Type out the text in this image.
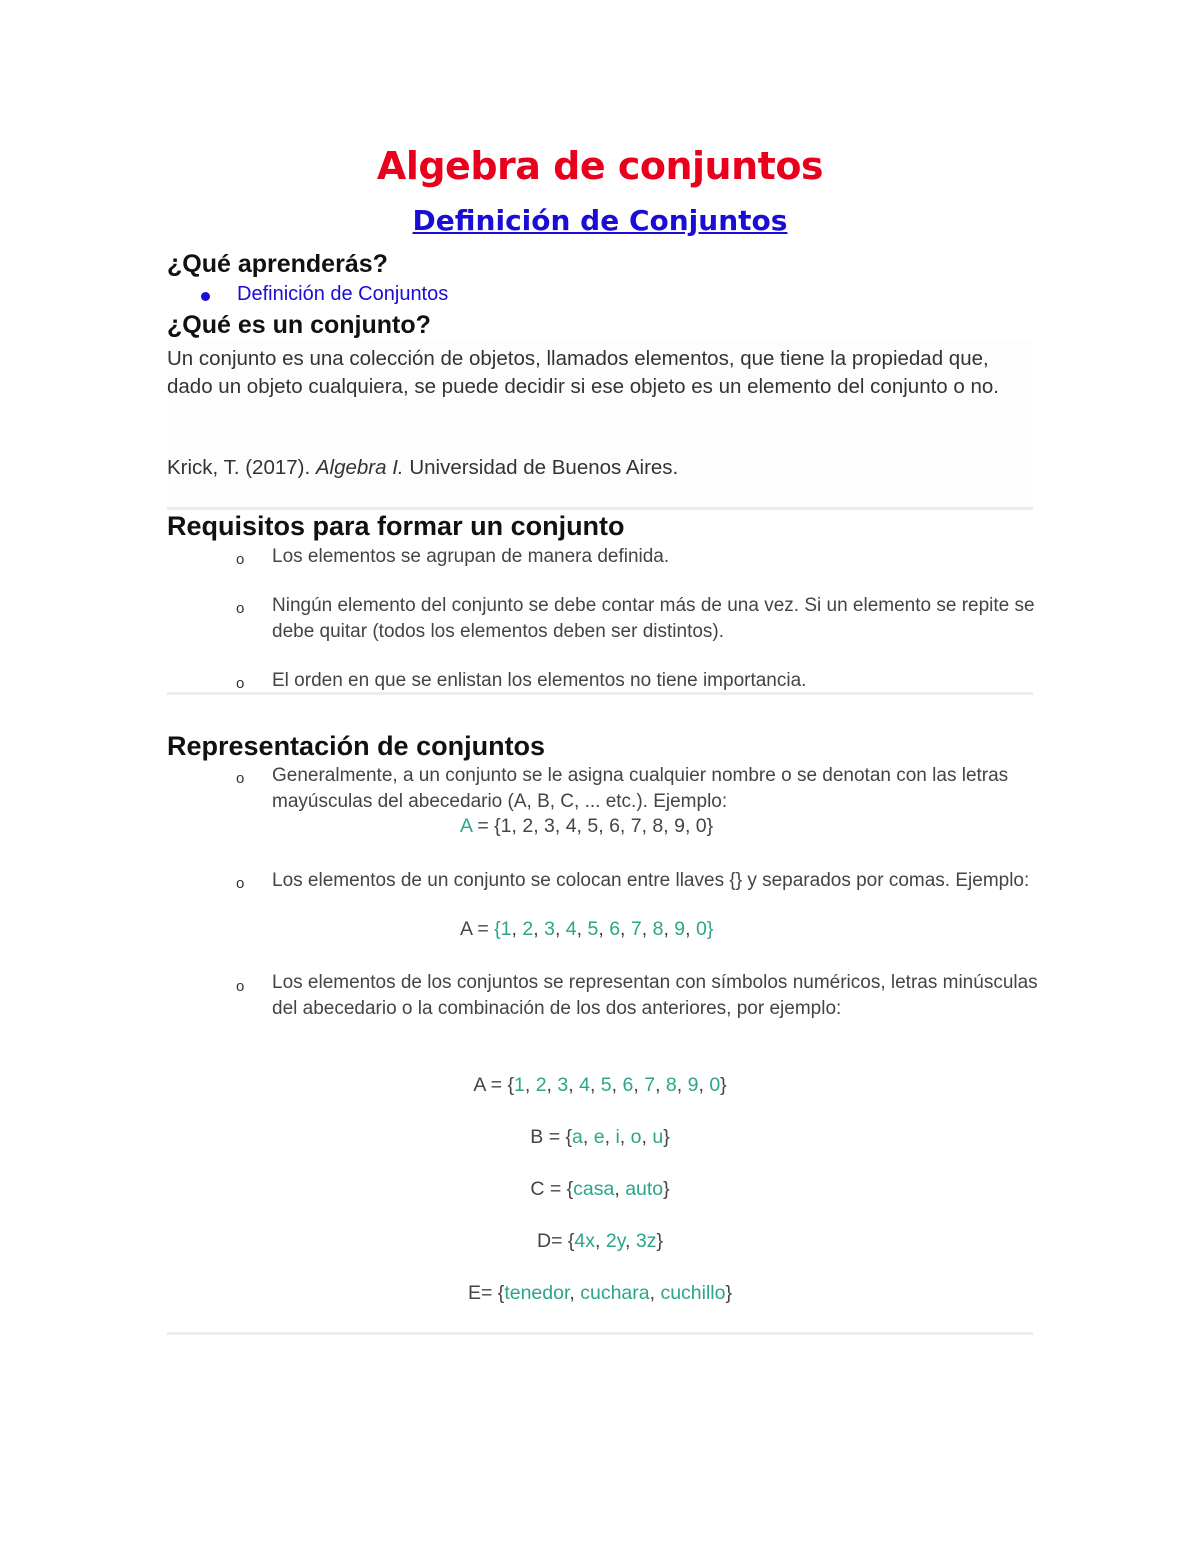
Algebra de conjuntos
Definición de Conjuntos
¿Qué aprenderás?
Definición de Conjuntos
¿Qué es un conjunto?
Un conjunto es una colección de objetos, llamados elementos, que tiene la propiedad que, dado un objeto cualquiera, se puede decidir si ese objeto es un elemento del conjunto o no.
Krick, T. (2017). Algebra I. Universidad de Buenos Aires.
Requisitos para formar un conjunto
o Los elementos se agrupan de manera definida.
o Ningún elemento del conjunto se debe contar más de una vez. Si un elemento se repite se debe quitar (todos los elementos deben ser distintos).
o El orden en que se enlistan los elementos no tiene importancia.
Representación de conjuntos
o Generalmente, a un conjunto se le asigna cualquier nombre o se denotan con las letras mayúsculas del abecedario (A, B, C, ... etc.). Ejemplo:
A = {1, 2, 3, 4, 5, 6, 7, 8, 9, 0}
o Los elementos de un conjunto se colocan entre llaves {} y separados por comas. Ejemplo:
A = {1, 2, 3, 4, 5, 6, 7, 8, 9, 0}
o Los elementos de los conjuntos se representan con símbolos numéricos, letras minúsculas del abecedario o la combinación de los dos anteriores, por ejemplo:
A = {1, 2, 3, 4, 5, 6, 7, 8, 9, 0}
B = {a, e, i, o, u}
C = {casa, auto}
D= {4x, 2y, 3z}
E= {tenedor, cuchara, cuchillo}
